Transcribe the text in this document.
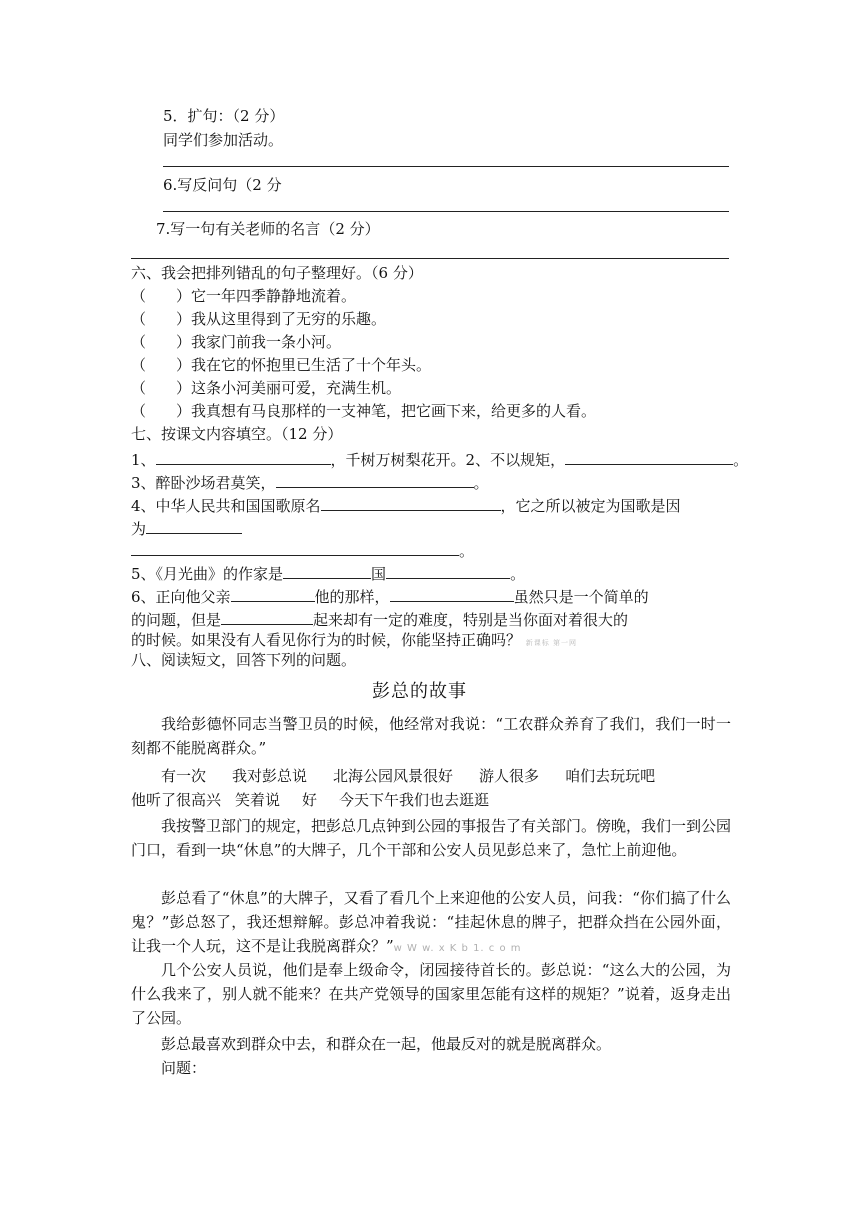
5．扩句：（2 分）
同学们参加活动。
6.写反问句（2 分
7.写一句有关老师的名言（2 分）
六、我会把排列错乱的句子整理好。（6 分）
（　　）它一年四季静静地流着。
（　　）我从这里得到了无穷的乐趣。
（　　）我家门前我一条小河。
（　　）我在它的怀抱里已生活了十个年头。
（　　）这条小河美丽可爱，充满生机。
（　　）我真想有马良那样的一支神笔，把它画下来，给更多的人看。
七、按课文内容填空。（12 分）
1、	，千树万树梨花开。2、不以规矩，	。
3、醉卧沙场君莫笑，	。
4、中华人民共和国国歌原名	，它之所以被定为国歌是因
为
。
5、《月光曲》的作家是	国	。
6、正向他父亲	他的那样，	虽然只是一个简单的
的问题，但是	起来却有一定的难度，特别是当你面对着很大的
的时候。如果没有人看见你行为的时候，你能坚持正确吗？ 新课标 第一网
八、阅读短文，回答下列的问题。
彭总的故事
我给彭德怀同志当警卫员的时候，他经常对我说：“工农群众养育了我们，我们一时一刻都不能脱离群众。”
有一次 我对彭总说 北海公园风景很好 游人很多 咱们去玩玩吧
他听了很高兴 笑着说 好 今天下午我们也去逛逛
我按警卫部门的规定，把彭总几点钟到公园的事报告了有关部门。傍晚，我们一到公园门口，看到一块“休息”的大牌子，几个干部和公安人员见彭总来了，急忙上前迎他。
彭总看了“休息”的大牌子，又看了看几个上来迎他的公安人员，问我：“你们搞了什么鬼？”彭总怒了，我还想辩解。彭总冲着我说：“挂起休息的牌子，把群众挡在公园外面，让我一个人玩，这不是让我脱离群众？”w W w. x K b 1. c o m
几个公安人员说，他们是奉上级命令，闭园接待首长的。彭总说：“这么大的公园，为什么我来了，别人就不能来？在共产党领导的国家里怎能有这样的规矩？”说着，返身走出了公园。
彭总最喜欢到群众中去，和群众在一起，他最反对的就是脱离群众。
问题：
